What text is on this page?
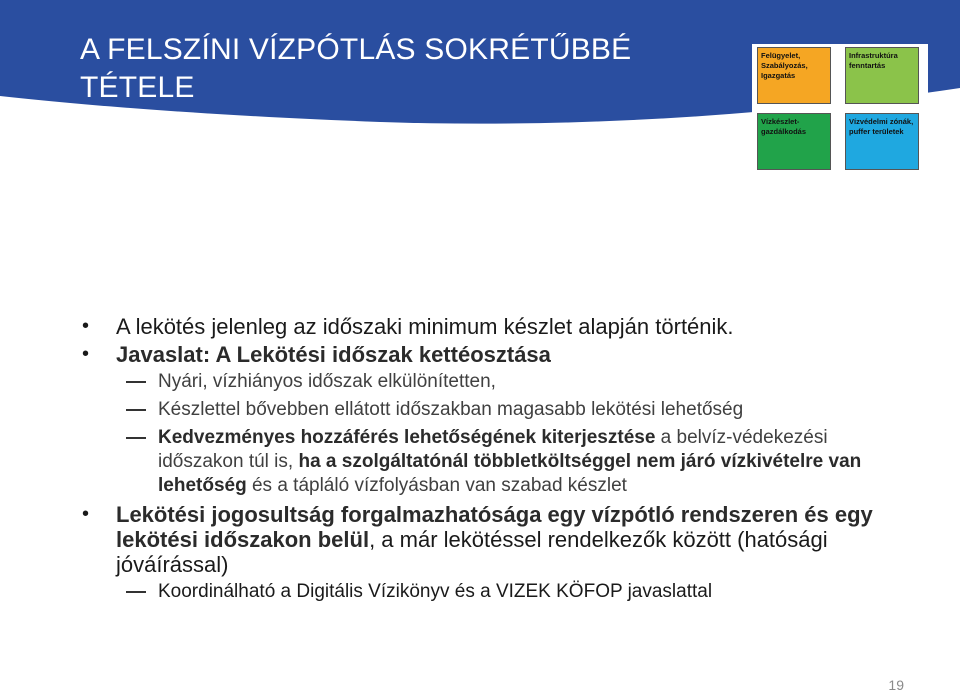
A FELSZÍNI VÍZPÓTLÁS SOKRÉTŰBBÉ
TÉTELE
Felügyelet,
Szabályozás,
Igazgatás
Infrastruktúra
fenntartás
Vízkészlet-
gazdálkodás
Vízvédelmi zónák,
puffer területek
• A lekötés jelenleg az időszaki minimum készlet alapján történik.
• Javaslat: A Lekötési időszak kettéosztása
Nyári, vízhiányos időszak elkülönítetten,
Készlettel bővebben ellátott időszakban magasabb lekötési lehetőség
Kedvezményes hozzáférés lehetőségének kiterjesztése a belvíz-védekezési időszakon túl is, ha a szolgáltatónál többletköltséggel nem járó vízkivételre van lehetőség és a tápláló vízfolyásban van szabad készlet
• Lekötési jogosultság forgalmazhatósága egy vízpótló rendszeren és egy lekötési időszakon belül, a már lekötéssel rendelkezők között (hatósági jóváírással)
Koordinálható a Digitális Vízikönyv és a VIZEK KÖFOP javaslattal
19
